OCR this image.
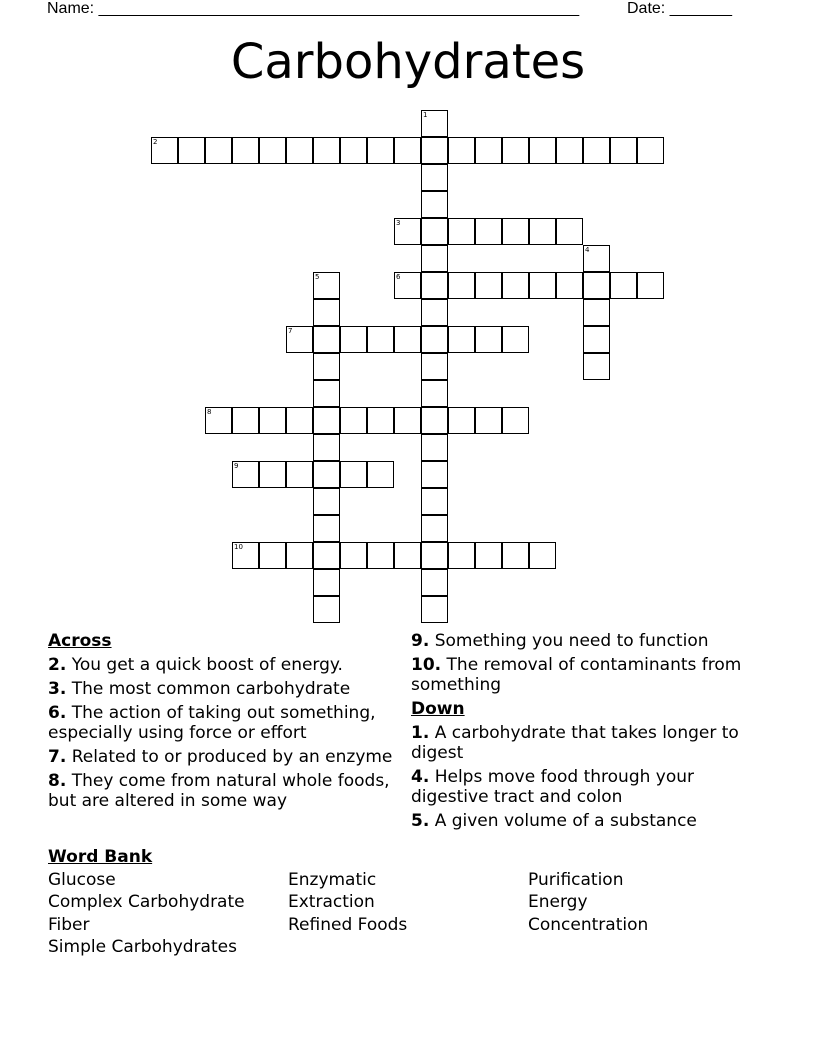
Name: ______________________________________________________	Date: _______
Carbohydrates
1
2
3
4
5	6
7
8
9
10
Across
2. You get a quick boost of energy.
3. The most common carbohydrate
6. The action of taking out something, especially using force or effort
7. Related to or produced by an enzyme
8. They come from natural whole foods, but are altered in some way
9. Something you need to function
10. The removal of contaminants from something
Down
1. A carbohydrate that takes longer to digest
4. Helps move food through your digestive tract and colon
5. A given volume of a substance
Word Bank
Glucose	Enzymatic	Purification
Complex Carbohydrate	Extraction	Energy
Fiber	Refined Foods	Concentration
Simple Carbohydrates
